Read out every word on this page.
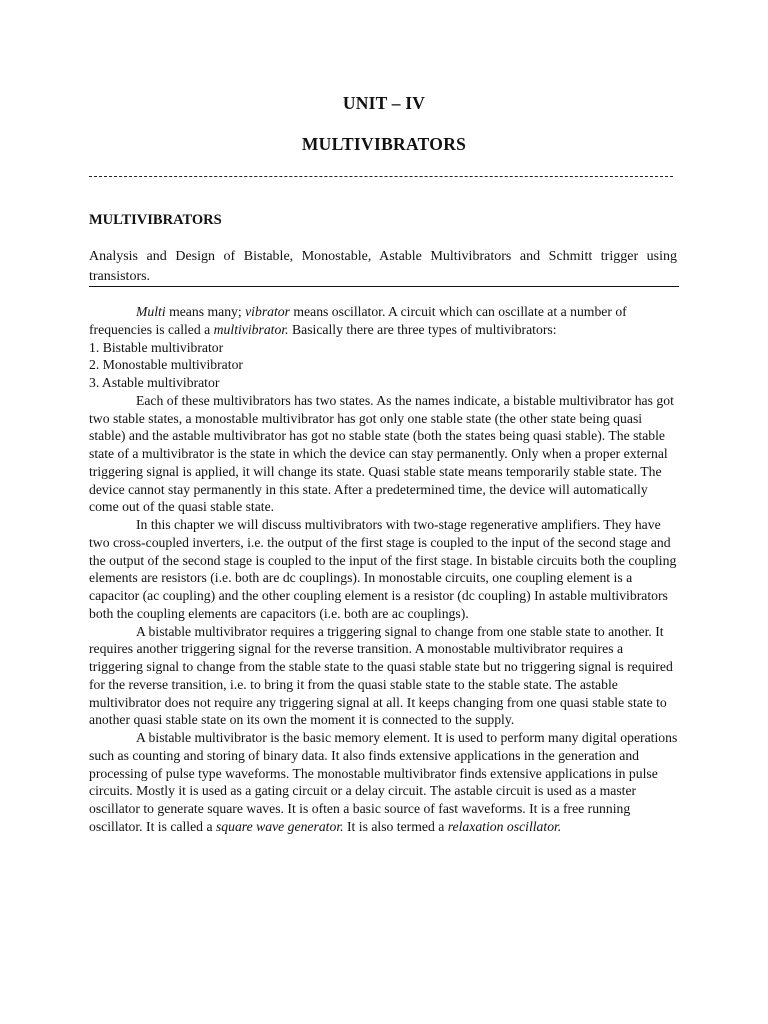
UNIT – IV
MULTIVIBRATORS
MULTIVIBRATORS
Analysis and Design of Bistable, Monostable, Astable Multivibrators and Schmitt trigger using transistors.

Multi means many; vibrator means oscillator. A circuit which can oscillate at a number of frequencies is called a multivibrator. Basically there are three types of multivibrators:

1. Bistable multivibrator

2. Monostable multivibrator

3. Astable multivibrator

Each of these multivibrators has two states. As the names indicate, a bistable multivibrator has got two stable states, a monostable multivibrator has got only one stable state (the other state being quasi stable) and the astable multivibrator has got no stable state (both the states being quasi stable). The stable state of a multivibrator is the state in which the device can stay permanently. Only when a proper external triggering signal is applied, it will change its state. Quasi stable state means temporarily stable state. The device cannot stay permanently in this state. After a predetermined time, the device will automatically come out of the quasi stable state.

In this chapter we will discuss multivibrators with two-stage regenerative amplifiers. They have two cross-coupled inverters, i.e. the output of the first stage is coupled to the input of the second stage and the output of the second stage is coupled to the input of the first stage. In bistable circuits both the coupling elements are resistors (i.e. both are dc couplings). In monostable circuits, one coupling element is a capacitor (ac coupling) and the other coupling element is a resistor (dc coupling) In astable multivibrators both the coupling elements are capacitors (i.e. both are ac couplings).

A bistable multivibrator requires a triggering signal to change from one stable state to another. It requires another triggering signal for the reverse transition. A monostable multivibrator requires a triggering signal to change from the stable state to the quasi stable state but no triggering signal is required for the reverse transition, i.e. to bring it from the quasi stable state to the stable state. The astable multivibrator does not require any triggering signal at all. It keeps changing from one quasi stable state to another quasi stable state on its own the moment it is connected to the supply.

A bistable multivibrator is the basic memory element. It is used to perform many digital operations such as counting and storing of binary data. It also finds extensive applications in the generation and processing of pulse type waveforms. The monostable multivibrator finds extensive applications in pulse circuits. Mostly it is used as a gating circuit or a delay circuit. The astable circuit is used as a master oscillator to generate square waves. It is often a basic source of fast waveforms. It is a free running oscillator. It is called a square wave generator. It is also termed a relaxation oscillator.
